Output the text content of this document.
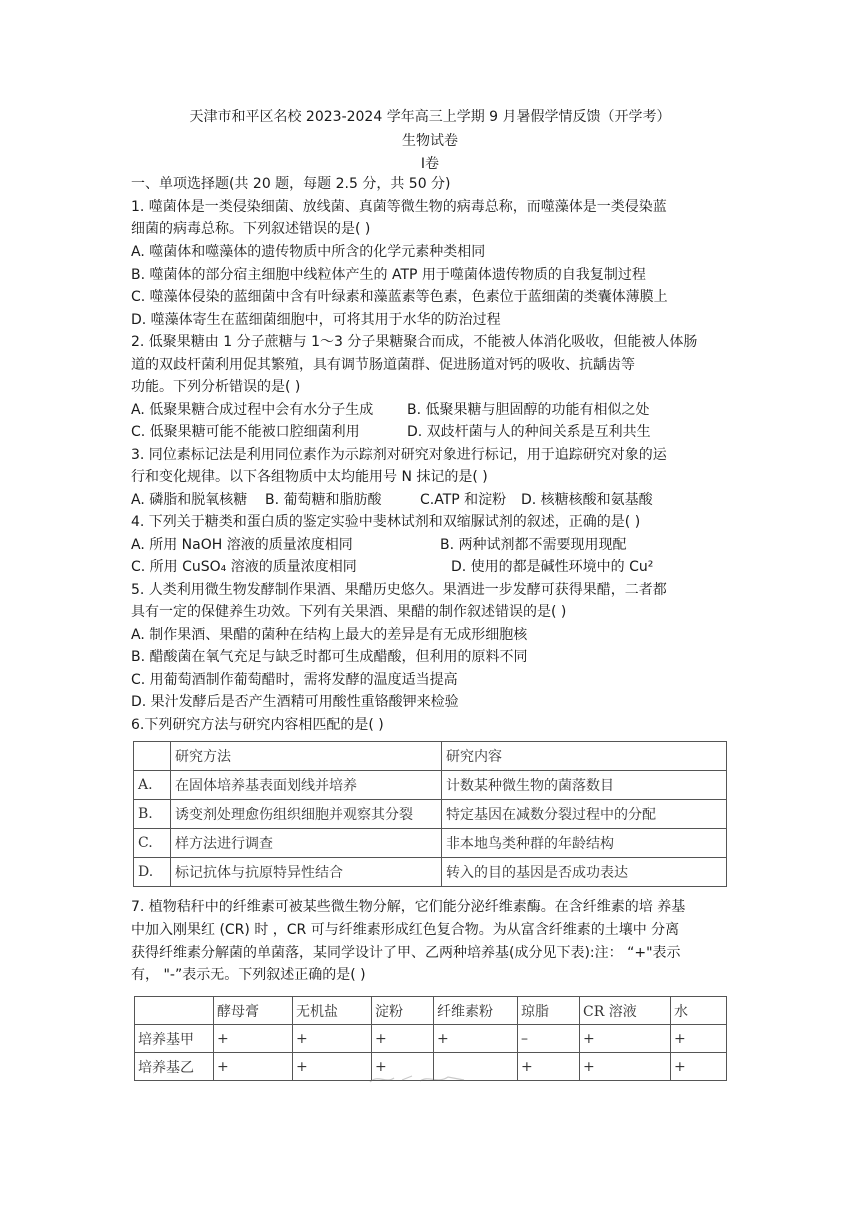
天津市和平区名校 2023-2024 学年高三上学期 9 月暑假学情反馈（开学考）
生物试卷
Ⅰ卷
一、单项选择题(共 20 题，每题 2.5 分，共 50 分)
1. 噬菌体是一类侵染细菌、放线菌、真菌等微生物的病毒总称，而噬藻体是一类侵染蓝
细菌的病毒总称。下列叙述错误的是( )
A. 噬菌体和噬藻体的遗传物质中所含的化学元素种类相同
B. 噬菌体的部分宿主细胞中线粒体产生的 ATP 用于噬菌体遗传物质的自我复制过程
C. 噬藻体侵染的蓝细菌中含有叶绿素和藻蓝素等色素，色素位于蓝细菌的类囊体薄膜上
D. 噬藻体寄生在蓝细菌细胞中，可将其用于水华的防治过程
2. 低聚果糖由 1 分子蔗糖与 1～3 分子果糖聚合而成，不能被人体消化吸收，但能被人体肠
道的双歧杆菌利用促其繁殖，具有调节肠道菌群、促进肠道对钙的吸收、抗龋齿等
功能。下列分析错误的是( )
A. 低聚果糖合成过程中会有水分子生成 B. 低聚果糖与胆固醇的功能有相似之处
C. 低聚果糖可能不能被口腔细菌利用	D. 双歧杆菌与人的种间关系是互利共生
3. 同位素标记法是利用同位素作为示踪剂对研究对象进行标记，用于追踪研究对象的运
行和变化规律。以下各组物质中太均能用号 N 抹记的是( )
A. 磷脂和脱氧核糖 B. 葡萄糖和脂肪酸	C.ATP 和淀粉 D. 核糖核酸和氨基酸
4. 下列关于糖类和蛋白质的鉴定实验中斐林试剂和双缩脲试剂的叙述，正确的是( )
A. 所用 NaOH 溶液的质量浓度相同	B. 两种试剂都不需要现用现配
C. 所用 CuSO₄ 溶液的质量浓度相同	D. 使用的都是碱性环境中的 Cu²
5. 人类利用微生物发酵制作果酒、果醋历史悠久。果酒进一步发酵可获得果醋，二者都
具有一定的保健养生功效。下列有关果酒、果醋的制作叙述错误的是( )
A. 制作果酒、果醋的菌种在结构上最大的差异是有无成形细胞核
B. 醋酸菌在氧气充足与缺乏时都可生成醋酸，但利用的原料不同
C. 用葡萄酒制作葡萄醋时，需将发酵的温度适当提高
D. 果汁发酵后是否产生酒精可用酸性重铬酸钾来检验
6.下列研究方法与研究内容相匹配的是( )
	研究方法	研究内容
A.	在固体培养基表面划线并培养	计数某种微生物的菌落数目
B.	诱变剂处理愈伤组织细胞并观察其分裂	特定基因在减数分裂过程中的分配
C.	样方法进行调查	非本地鸟类种群的年龄结构
D.	标记抗体与抗原特异性结合	转入的目的基因是否成功表达
7. 植物秸秆中的纤维素可被某些微生物分解，它们能分泌纤维素酶。在含纤维素的培 养基
中加入刚果红 (CR) 时 ，CR 可与纤维素形成红色复合物。为从富含纤维素的土壤中 分离
获得纤维素分解菌的单菌落，某同学设计了甲、乙两种培养基(成分见下表):注： “+"表示
有， "-”表示无。下列叙述正确的是( )
	酵母膏	无机盐	淀粉	纤维素粉	琼脂	CR 溶液	水
培养基甲	+	+	+	+	–	+	+
培养基乙	+	+	+		+	+	+
